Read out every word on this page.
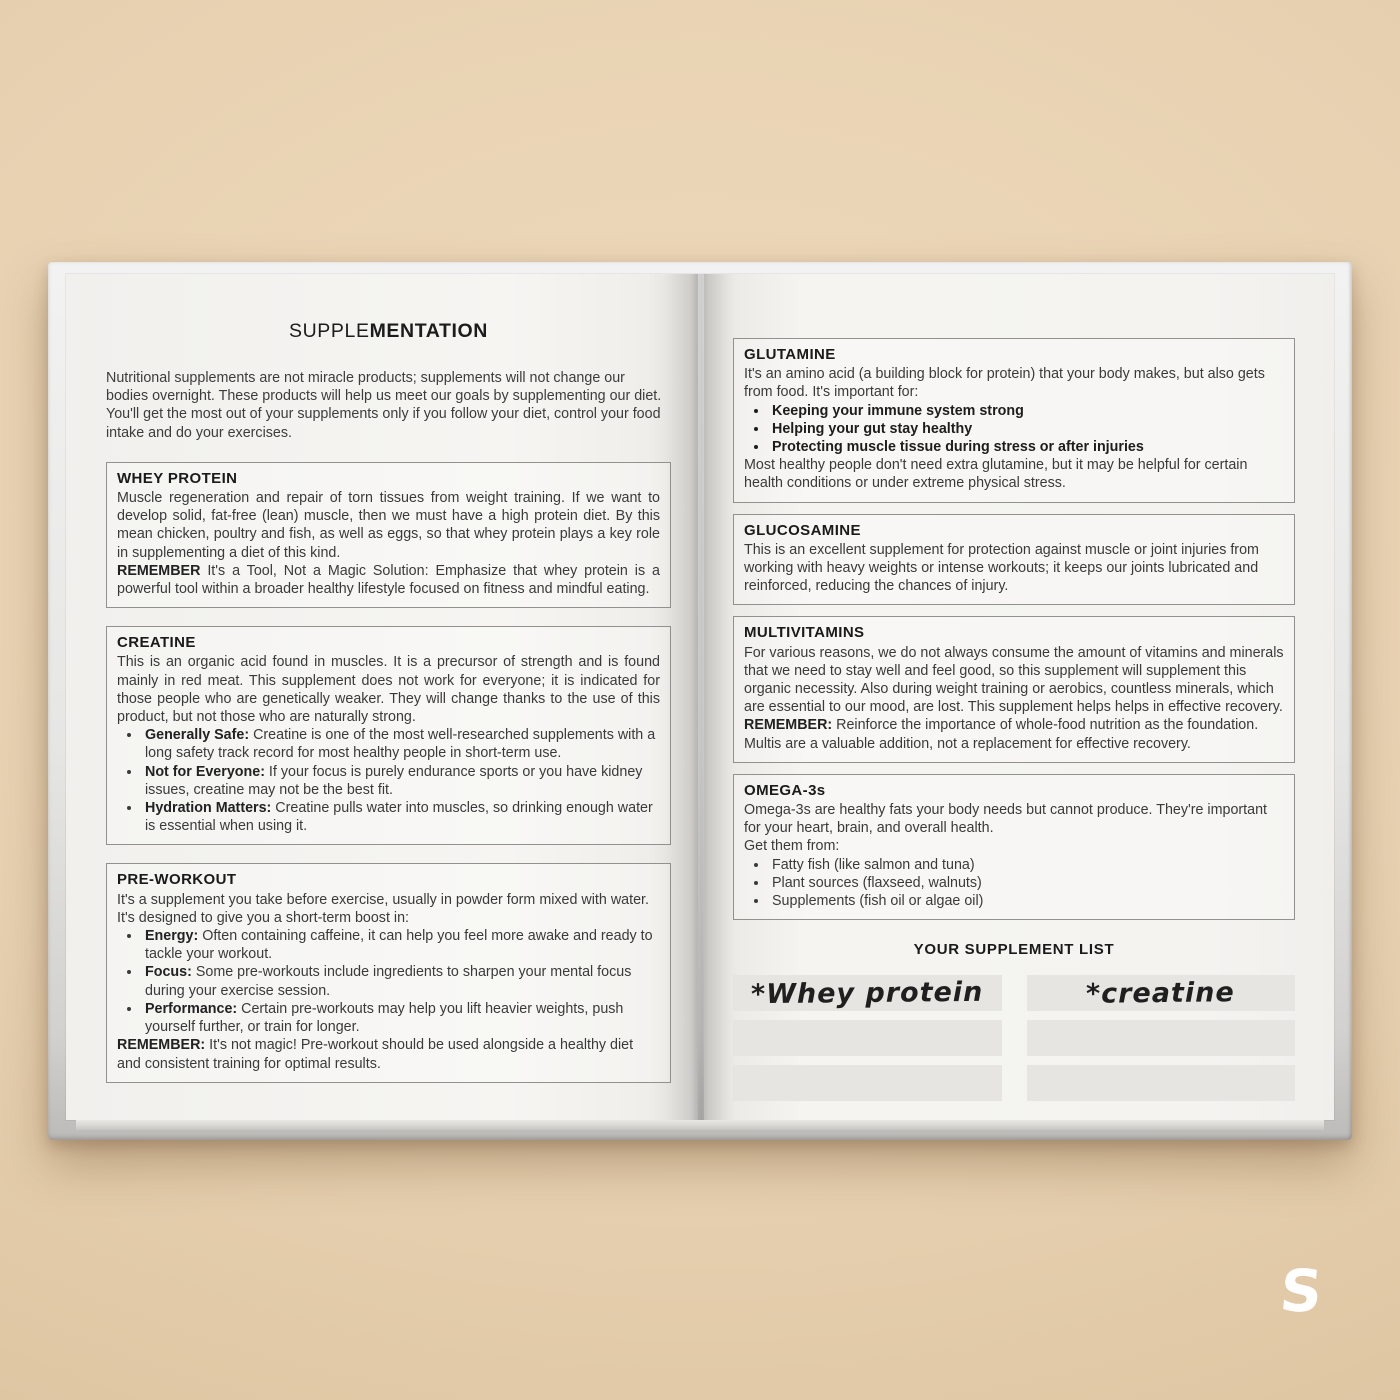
SUPPLEMENTATION

Nutritional supplements are not miracle products; supplements will not change our bodies overnight. These products will help us meet our goals by supplementing our diet.

You'll get the most out of your supplements only if you follow your diet, control your food intake and do your exercises.

WHEY PROTEIN

Muscle regeneration and repair of torn tissues from weight training. If we want to develop solid, fat-free (lean) muscle, then we must have a high protein diet. By this mean chicken, poultry and fish, as well as eggs, so that whey protein plays a key role in supplementing a diet of this kind.

REMEMBER It's a Tool, Not a Magic Solution: Emphasize that whey protein is a powerful tool within a broader healthy lifestyle focused on fitness and mindful eating.

CREATINE

This is an organic acid found in muscles. It is a precursor of strength and is found mainly in red meat. This supplement does not work for everyone; it is indicated for those people who are genetically weaker. They will change thanks to the use of this product, but not those who are naturally strong.

• Generally Safe: Creatine is one of the most well-researched supplements with a long safety track record for most healthy people in short-term use.
• Not for Everyone: If your focus is purely endurance sports or you have kidney issues, creatine may not be the best fit.
• Hydration Matters: Creatine pulls water into muscles, so drinking enough water is essential when using it.
PRE-WORKOUT

It's a supplement you take before exercise, usually in powder form mixed with water. It's designed to give you a short-term boost in:

• Energy: Often containing caffeine, it can help you feel more awake and ready to tackle your workout.
• Focus: Some pre-workouts include ingredients to sharpen your mental focus during your exercise session.
• Performance: Certain pre-workouts may help you lift heavier weights, push yourself further, or train for longer.

REMEMBER: It's not magic! Pre-workout should be used alongside a healthy diet and consistent training for optimal results.

GLUTAMINE

It's an amino acid (a building block for protein) that your body makes, but also gets from food. It's important for:

• Keeping your immune system strong
• Helping your gut stay healthy
• Protecting muscle tissue during stress or after injuries

Most healthy people don't need extra glutamine, but it may be helpful for certain health conditions or under extreme physical stress.

GLUCOSAMINE

This is an excellent supplement for protection against muscle or joint injuries from working with heavy weights or intense workouts; it keeps our joints lubricated and reinforced, reducing the chances of injury.

MULTIVITAMINS

For various reasons, we do not always consume the amount of vitamins and minerals that we need to stay well and feel good, so this supplement will supplement this organic necessity. Also during weight training or aerobics, countless minerals, which are essential to our mood, are lost. This supplement helps helps in effective recovery.

REMEMBER: Reinforce the importance of whole-food nutrition as the foundation. Multis are a valuable addition, not a replacement for effective recovery.

OMEGA-3s

Omega-3s are healthy fats your body needs but cannot produce. They're important for your heart, brain, and overall health.

Get them from:

• Fatty fish (like salmon and tuna)
• Plant sources (flaxseed, walnuts)
• Supplements (fish oil or algae oil)
YOUR SUPPLEMENT LIST
*Whey protein	*creatine
S
